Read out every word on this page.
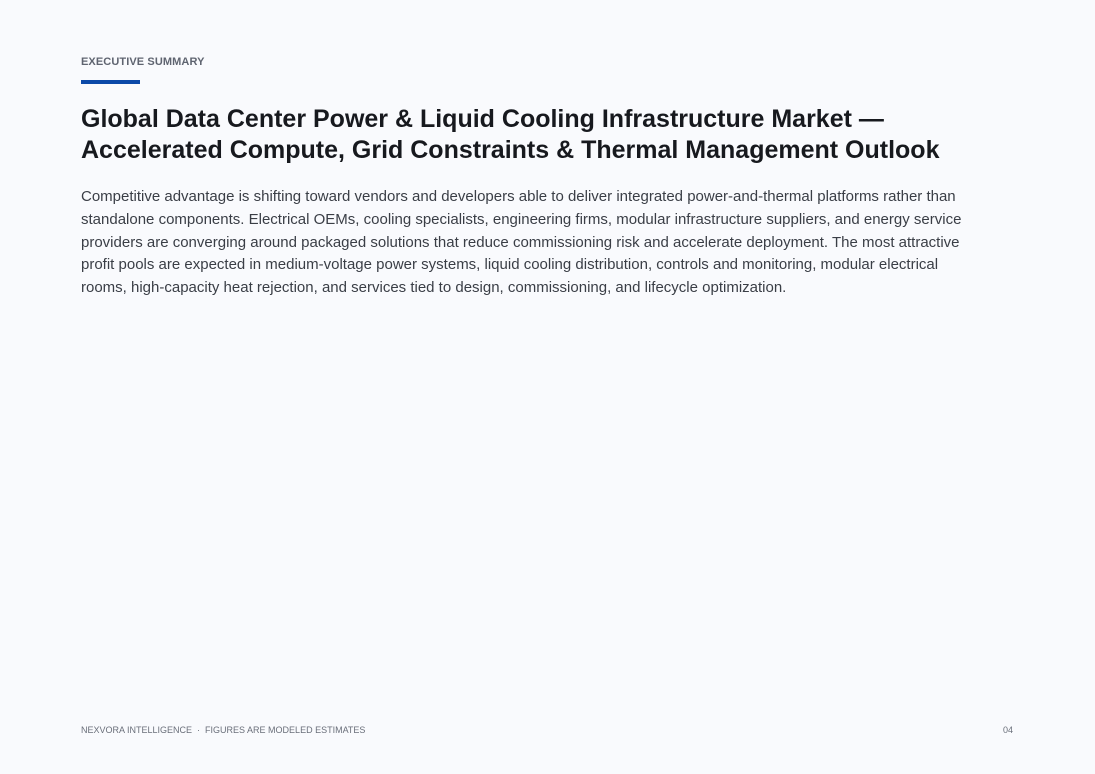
EXECUTIVE SUMMARY
Global Data Center Power & Liquid Cooling Infrastructure Market —
Accelerated Compute, Grid Constraints & Thermal Management Outlook

Competitive advantage is shifting toward vendors and developers able to deliver integrated power-and-thermal platforms rather than
standalone components. Electrical OEMs, cooling specialists, engineering firms, modular infrastructure suppliers, and energy service
providers are converging around packaged solutions that reduce commissioning risk and accelerate deployment. The most attractive
profit pools are expected in medium-voltage power systems, liquid cooling distribution, controls and monitoring, modular electrical
rooms, high-capacity heat rejection, and services tied to design, commissioning, and lifecycle optimization.

NEXVORA INTELLIGENCE · FIGURES ARE MODELED ESTIMATES	04
